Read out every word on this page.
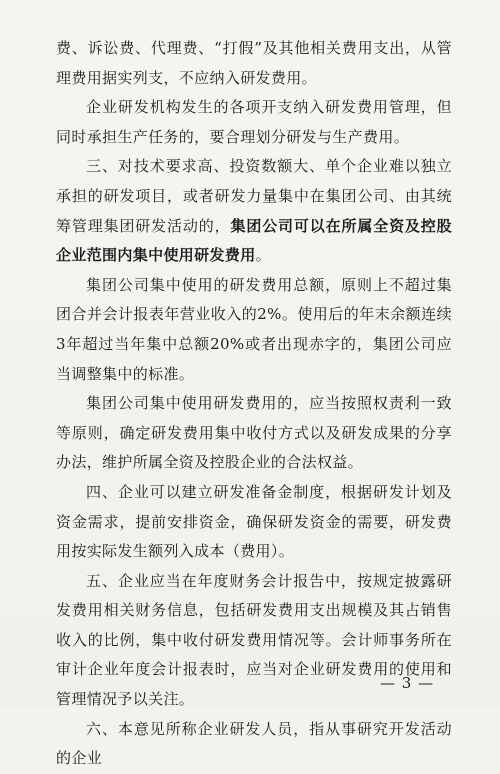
费、诉讼费、代理费、“打假”及其他相关费用支出，从管理费用据实列支，不应纳入研发费用。

企业研发机构发生的各项开支纳入研发费用管理，但同时承担生产任务的，要合理划分研发与生产费用。

三、对技术要求高、投资数额大、单个企业难以独立承担的研发项目，或者研发力量集中在集团公司、由其统筹管理集团研发活动的，集团公司可以在所属全资及控股企业范围内集中使用研发费用。

集团公司集中使用的研发费用总额，原则上不超过集团合并会计报表年营业收入的2%。使用后的年末余额连续3年超过当年集中总额20%或者出现赤字的，集团公司应当调整集中的标准。

集团公司集中使用研发费用的，应当按照权责利一致等原则，确定研发费用集中收付方式以及研发成果的分享办法，维护所属全资及控股企业的合法权益。

四、企业可以建立研发准备金制度，根据研发计划及资金需求，提前安排资金，确保研发资金的需要，研发费用按实际发生额列入成本（费用）。

五、企业应当在年度财务会计报告中，按规定披露研发费用相关财务信息，包括研发费用支出规模及其占销售收入的比例，集中收付研发费用情况等。会计师事务所在审计企业年度会计报表时，应当对企业研发费用的使用和管理情况予以关注。

六、本意见所称企业研发人员，指从事研究开发活动的企业

— 3 —
